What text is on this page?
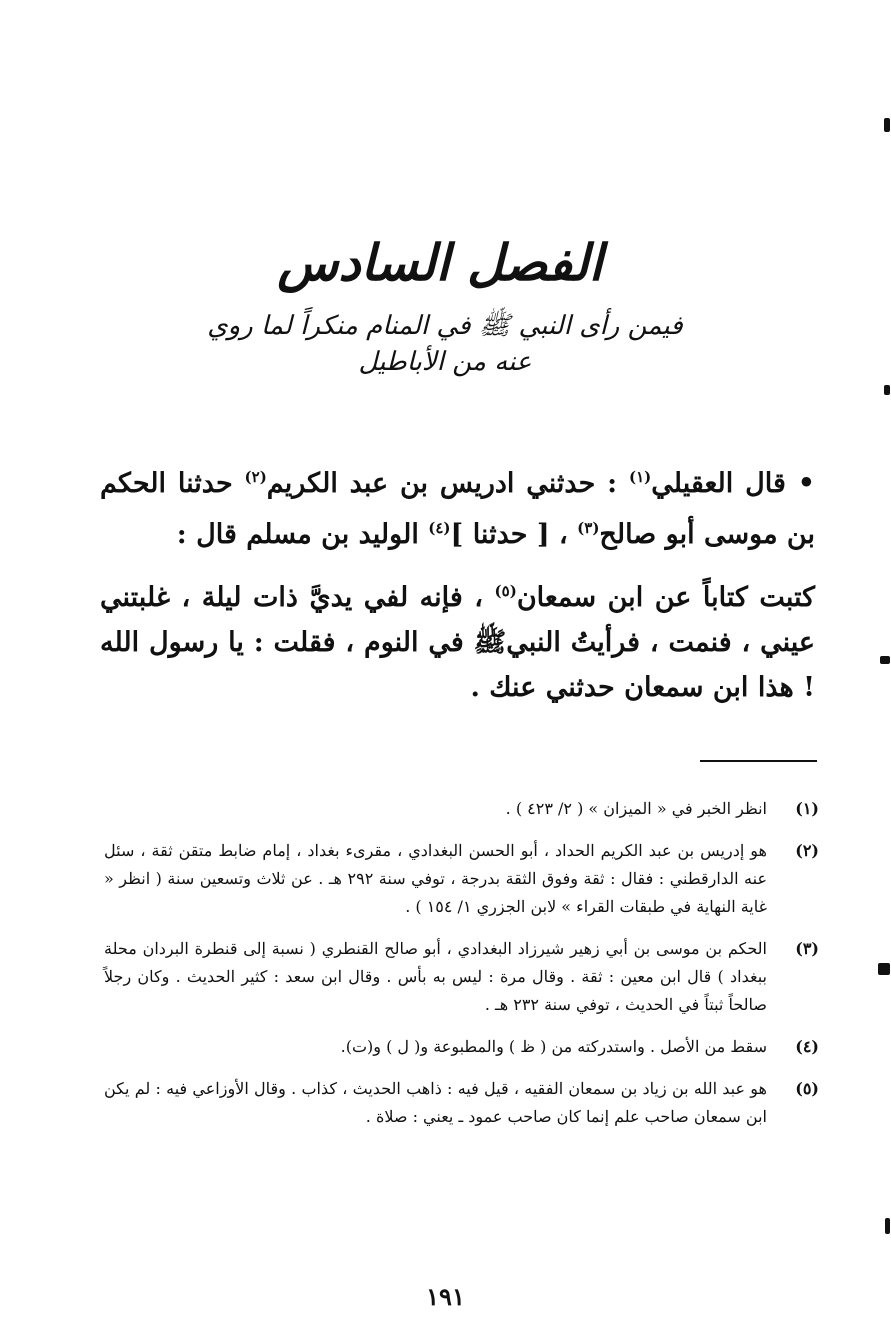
الفصل السادس
فيمن رأى النبي ﷺ في المنام منكراً لما روي عنه من الأباطيل

• قال العقيلي$^{(١)}$ : حدثني ادريس بن عبد الكريم$^{(٢)}$ حدثنا الحكم بن موسى أبو صالح$^{(٣)}$ ، [ حدثنا ]$^{(٤)}$ الوليد بن مسلم قال :

كتبت كتاباً عن ابن سمعان$^{(٥)}$ ، فإنه لفي يديَّ ذات ليلة ، غلبتني عيني ، فنمت ، فرأيتُ النبيﷺ في النوم ، فقلت : يا رسول الله ! هذا ابن سمعان حدثني عنك .

(١)
انظر الخبر في « الميزان » ( ٢/ ٤٢٣ ) .
(٢)
هو إدريس بن عبد الكريم الحداد ، أبو الحسن البغدادي ، مقرىء بغداد ، إمام ضابط متقن ثقة ، سئل عنه الدارقطني : فقال : ثقة وفوق الثقة بدرجة ، توفي سنة ٢٩٢ هـ . عن ثلاث وتسعين سنة ( انظر « غاية النهاية في طبقات القراء » لابن الجزري ١/ ١٥٤ ) .
(٣)
الحكم بن موسى بن أبي زهير شيرزاد البغدادي ، أبو صالح القنطري ( نسبة إلى قنطرة البردان محلة ببغداد ) قال ابن معين : ثقة . وقال مرة : ليس به بأس . وقال ابن سعد : كثير الحديث . وكان رجلاً صالحاً ثبتاً في الحديث ، توفي سنة ٢٣٢ هـ .
(٤)
سقط من الأصل . واستدركته من ( ظ ) والمطبوعة و( ل ) و(ت).
(٥)
هو عبد الله بن زياد بن سمعان الفقيه ، قيل فيه : ذاهب الحديث ، كذاب . وقال الأوزاعي فيه : لم يكن ابن سمعان صاحب علم إنما كان صاحب عمود ـ يعني : صلاة .
١٩١
